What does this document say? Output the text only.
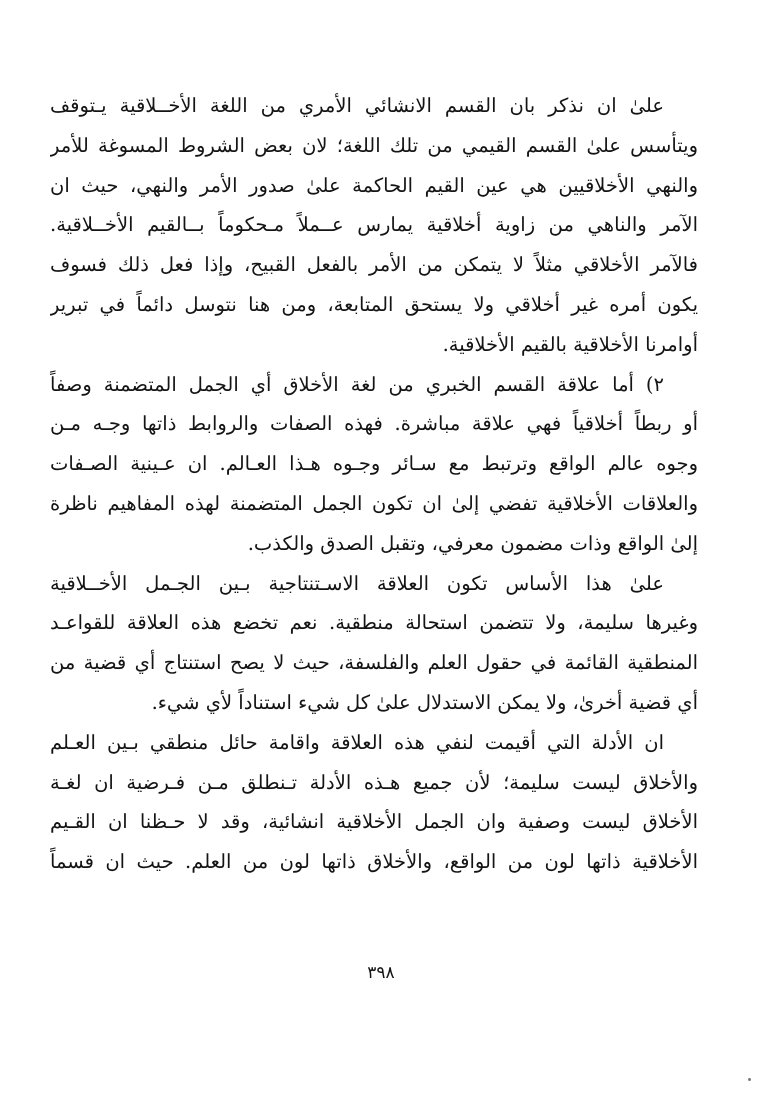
علىٰ ان نذكر بان القسم الانشائي الأمري من اللغة الأخــلاقية يـتوقف
ويتأسس علىٰ القسم القيمي من تلك اللغة؛ لان بعض الشروط المسوغة للأمر
والنهي الأخلاقيين هي عين القيم الحاكمة علىٰ صدور الأمر والنهي، حيث ان
الآمر والناهي من زاوية أخلاقية يمارس عــملاً مـحكوماً بــالقيم الأخــلاقية.
فالآمر الأخلاقي مثلاً لا يتمكن من الأمر بالفعل القبيح، وإذا فعل ذلك فسوف
يكون أمره غير أخلاقي ولا يستحق المتابعة، ومن هنا نتوسل دائماً في تبرير
أوامرنا الأخلاقية بالقيم الأخلاقية.
٢) أما علاقة القسم الخبري من لغة الأخلاق أي الجمل المتضمنة وصفاً
أو ربطاً أخلاقياً فهي علاقة مباشرة. فهذه الصفات والروابط ذاتها وجـه مـن
وجوه عالم الواقع وترتبط مع سـائر وجـوه هـذا العـالم. ان عـينية الصـفات
والعلاقات الأخلاقية تفضي إلىٰ ان تكون الجمل المتضمنة لهذه المفاهيم ناظرة
إلىٰ الواقع وذات مضمون معرفي، وتقبل الصدق والكذب.
علىٰ هذا الأساس تكون العلاقة الاسـتنتاجية بـين الجـمل الأخــلاقية
وغيرها سليمة، ولا تتضمن استحالة منطقية. نعم تخضع هذه العلاقة للقواعـد
المنطقية القائمة في حقول العلم والفلسفة، حيث لا يصح استنتاج أي قضية من
أي قضية أخرىٰ، ولا يمكن الاستدلال علىٰ كل شيء استناداً لأي شيء.
ان الأدلة التي أقيمت لنفي هذه العلاقة واقامة حائل منطقي بـين العـلم
والأخلاق ليست سليمة؛ لأن جميع هـذه الأدلة تـنطلق مـن فـرضية ان لغـة
الأخلاق ليست وصفية وان الجمل الأخلاقية انشائية، وقد لا حـظنا ان القـيم
الأخلاقية ذاتها لون من الواقع، والأخلاق ذاتها لون من العلم. حيث ان قسماً
٣٩٨
